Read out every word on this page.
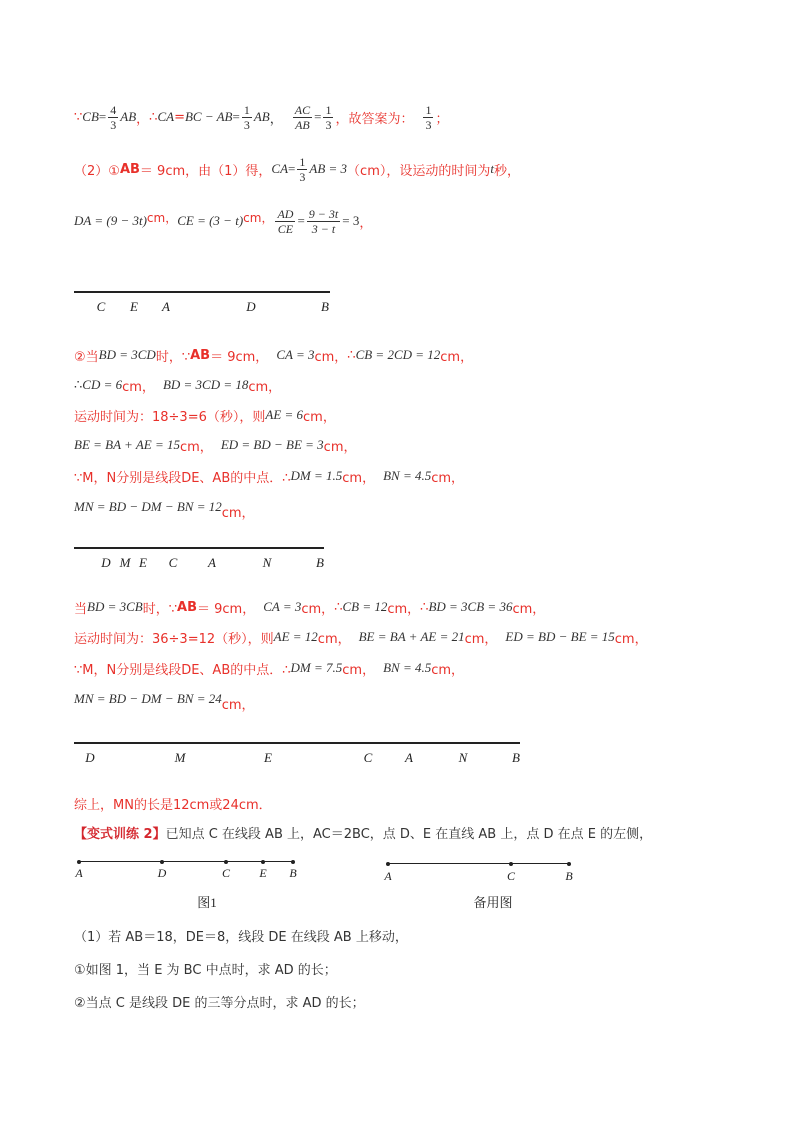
∵ CB = $\frac{4}{3}$ AB ， ∴ CA = BC − AB = $\frac{1}{3}$ AB ， $\frac{AC}{AB} = \frac{1}{3}$ ，故答案为： $\frac{1}{3}$ ；
（2）① AB ＝ 9cm，由（1）得， CA = $\frac{1}{3}$ AB = 3 （cm），设运动的时间为 t 秒，
DA = (9 − 3t) cm， CE = (3 − t) cm， $\frac{AD}{CE} = \frac{9 - 3t}{3 - t} = 3$ ，
C E A	D	B
②当 BD = 3CD 时，∵ AB ＝ 9cm， CA = 3 cm， ∴ CB = 2CD = 12 cm，
∴ CD = 6 cm， BD = 3CD = 18 cm，
运动时间为：18÷3=6（秒），则 AE = 6 cm，
BE = BA + AE = 15 cm， ED = BD − BE = 3 cm，
∵M，N分别是线段DE、AB的中点．∴ DM = 1.5 cm， BN = 4.5 cm，
MN = BD − DM − BN = 12 cm，
D M E C A	N	B
当 BD = 3CB 时，∵ AB ＝ 9cm， CA = 3 cm， ∴ CB = 12 cm， ∴ BD = 3CB = 36 cm，
运动时间为：36÷3=12（秒），则 AE = 12 cm， BE = BA + AE = 21 cm， ED = BD − BE = 15 cm，
∵M，N分别是线段DE、AB的中点．∴ DM = 7.5 cm， BN = 4.5 cm，
MN = BD − DM − BN = 24 cm，
D	M	E	C	A	N	B
综上，MN的长是12cm或24cm．
【变式训练 2】 已知点 C 在线段 AB 上，AC＝2BC，点 D、E 在直线 AB 上，点 D 在点 E 的左侧，
A	D	C E B
图1
A	C	B
备用图
（1）若 AB＝18，DE＝8，线段 DE 在线段 AB 上移动，
①如图 1，当 E 为 BC 中点时，求 AD 的长；
②当点 C 是线段 DE 的三等分点时，求 AD 的长；
